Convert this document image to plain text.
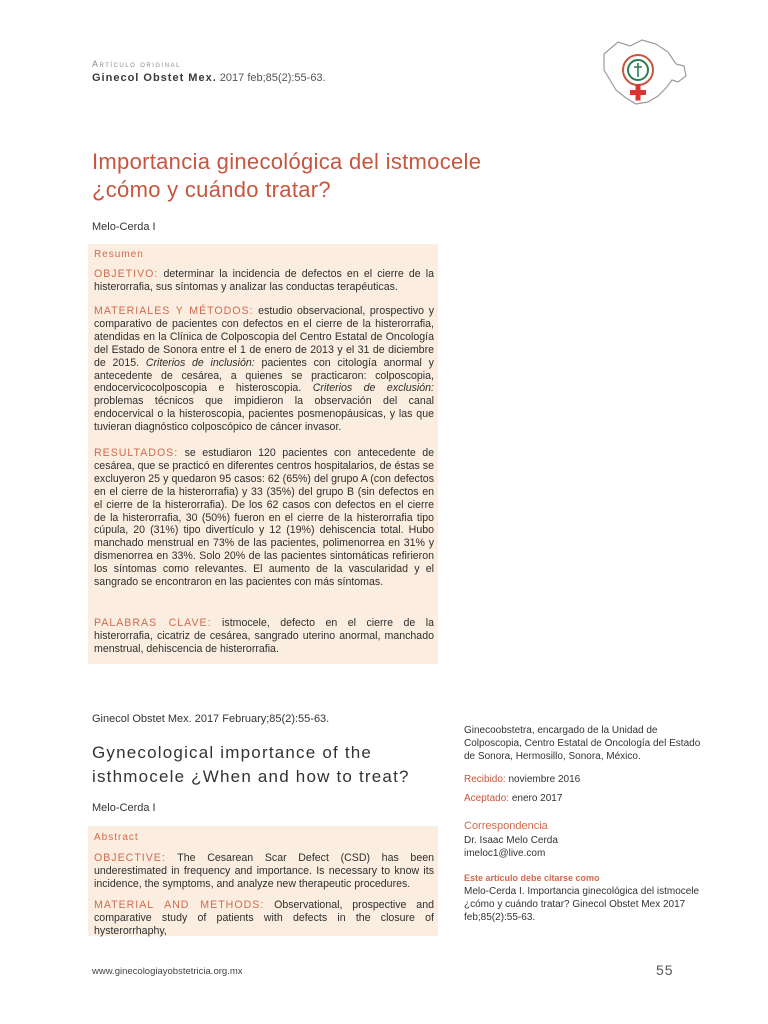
Artículo original
Ginecol Obstet Mex. 2017 feb;85(2):55-63.
Importancia ginecológica del istmocele ¿cómo y cuándo tratar?
Melo-Cerda I
Resumen
OBJETIVO: determinar la incidencia de defectos en el cierre de la histerorrafia, sus síntomas y analizar las conductas terapéuticas.
MATERIALES Y MÉTODOS: estudio observacional, prospectivo y comparativo de pacientes con defectos en el cierre de la histerorrafia, atendidas en la Clínica de Colposcopia del Centro Estatal de Oncología del Estado de Sonora entre el 1 de enero de 2013 y el 31 de diciembre de 2015. Criterios de inclusión: pacientes con citología anormal y antecedente de cesárea, a quienes se practicaron: colposcopia, endocervicocolposcopia e histeroscopia. Criterios de exclusión: problemas técnicos que impidieron la observación del canal endocervical o la histeroscopia, pacientes posmenopáusicas, y las que tuvieran diagnóstico colposcópico de cáncer invasor.
RESULTADOS: se estudiaron 120 pacientes con antecedente de cesárea, que se practicó en diferentes centros hospitalarios, de éstas se excluyeron 25 y quedaron 95 casos: 62 (65%) del grupo A (con defectos en el cierre de la histerorrafia) y 33 (35%) del grupo B (sin defectos en el cierre de la histerorrafia). De los 62 casos con defectos en el cierre de la histerorrafia, 30 (50%) fueron en el cierre de la histerorrafia tipo cúpula, 20 (31%) tipo divertículo y 12 (19%) dehiscencia total. Hubo manchado menstrual en 73% de las pacientes, polimenorrea en 31% y dismenorrea en 33%. Solo 20% de las pacientes sintomáticas refirieron los síntomas como relevantes. El aumento de la vascularidad y el sangrado se encontraron en las pacientes con más síntomas.
PALABRAS CLAVE: istmocele, defecto en el cierre de la histerorrafia, cicatriz de cesárea, sangrado uterino anormal, manchado menstrual, dehiscencia de histerorrafia.
Ginecol Obstet Mex. 2017 February;85(2):55-63.
Gynecological importance of the isthmocele ¿When and how to treat?
Melo-Cerda I
Abstract
OBJECTIVE: The Cesarean Scar Defect (CSD) has been underestimated in frequency and importance. Is necessary to know its incidence, the symptoms, and analyze new therapeutic procedures.
MATERIAL AND METHODS: Observational, prospective and comparative study of patients with defects in the closure of hysterorrhaphy,
Ginecoobstetra, encargado de la Unidad de Colposcopia, Centro Estatal de Oncología del Estado de Sonora, Hermosillo, Sonora, México.
Recibido: noviembre 2016
Aceptado: enero 2017
Correspondencia
Dr. Isaac Melo Cerda
imeloc1@live.com
Este artículo debe citarse como
Melo-Cerda I. Importancia ginecológica del istmocele ¿cómo y cuándo tratar? Ginecol Obstet Mex 2017 feb;85(2):55-63.
www.ginecologiayobstetricia.org.mx	55
